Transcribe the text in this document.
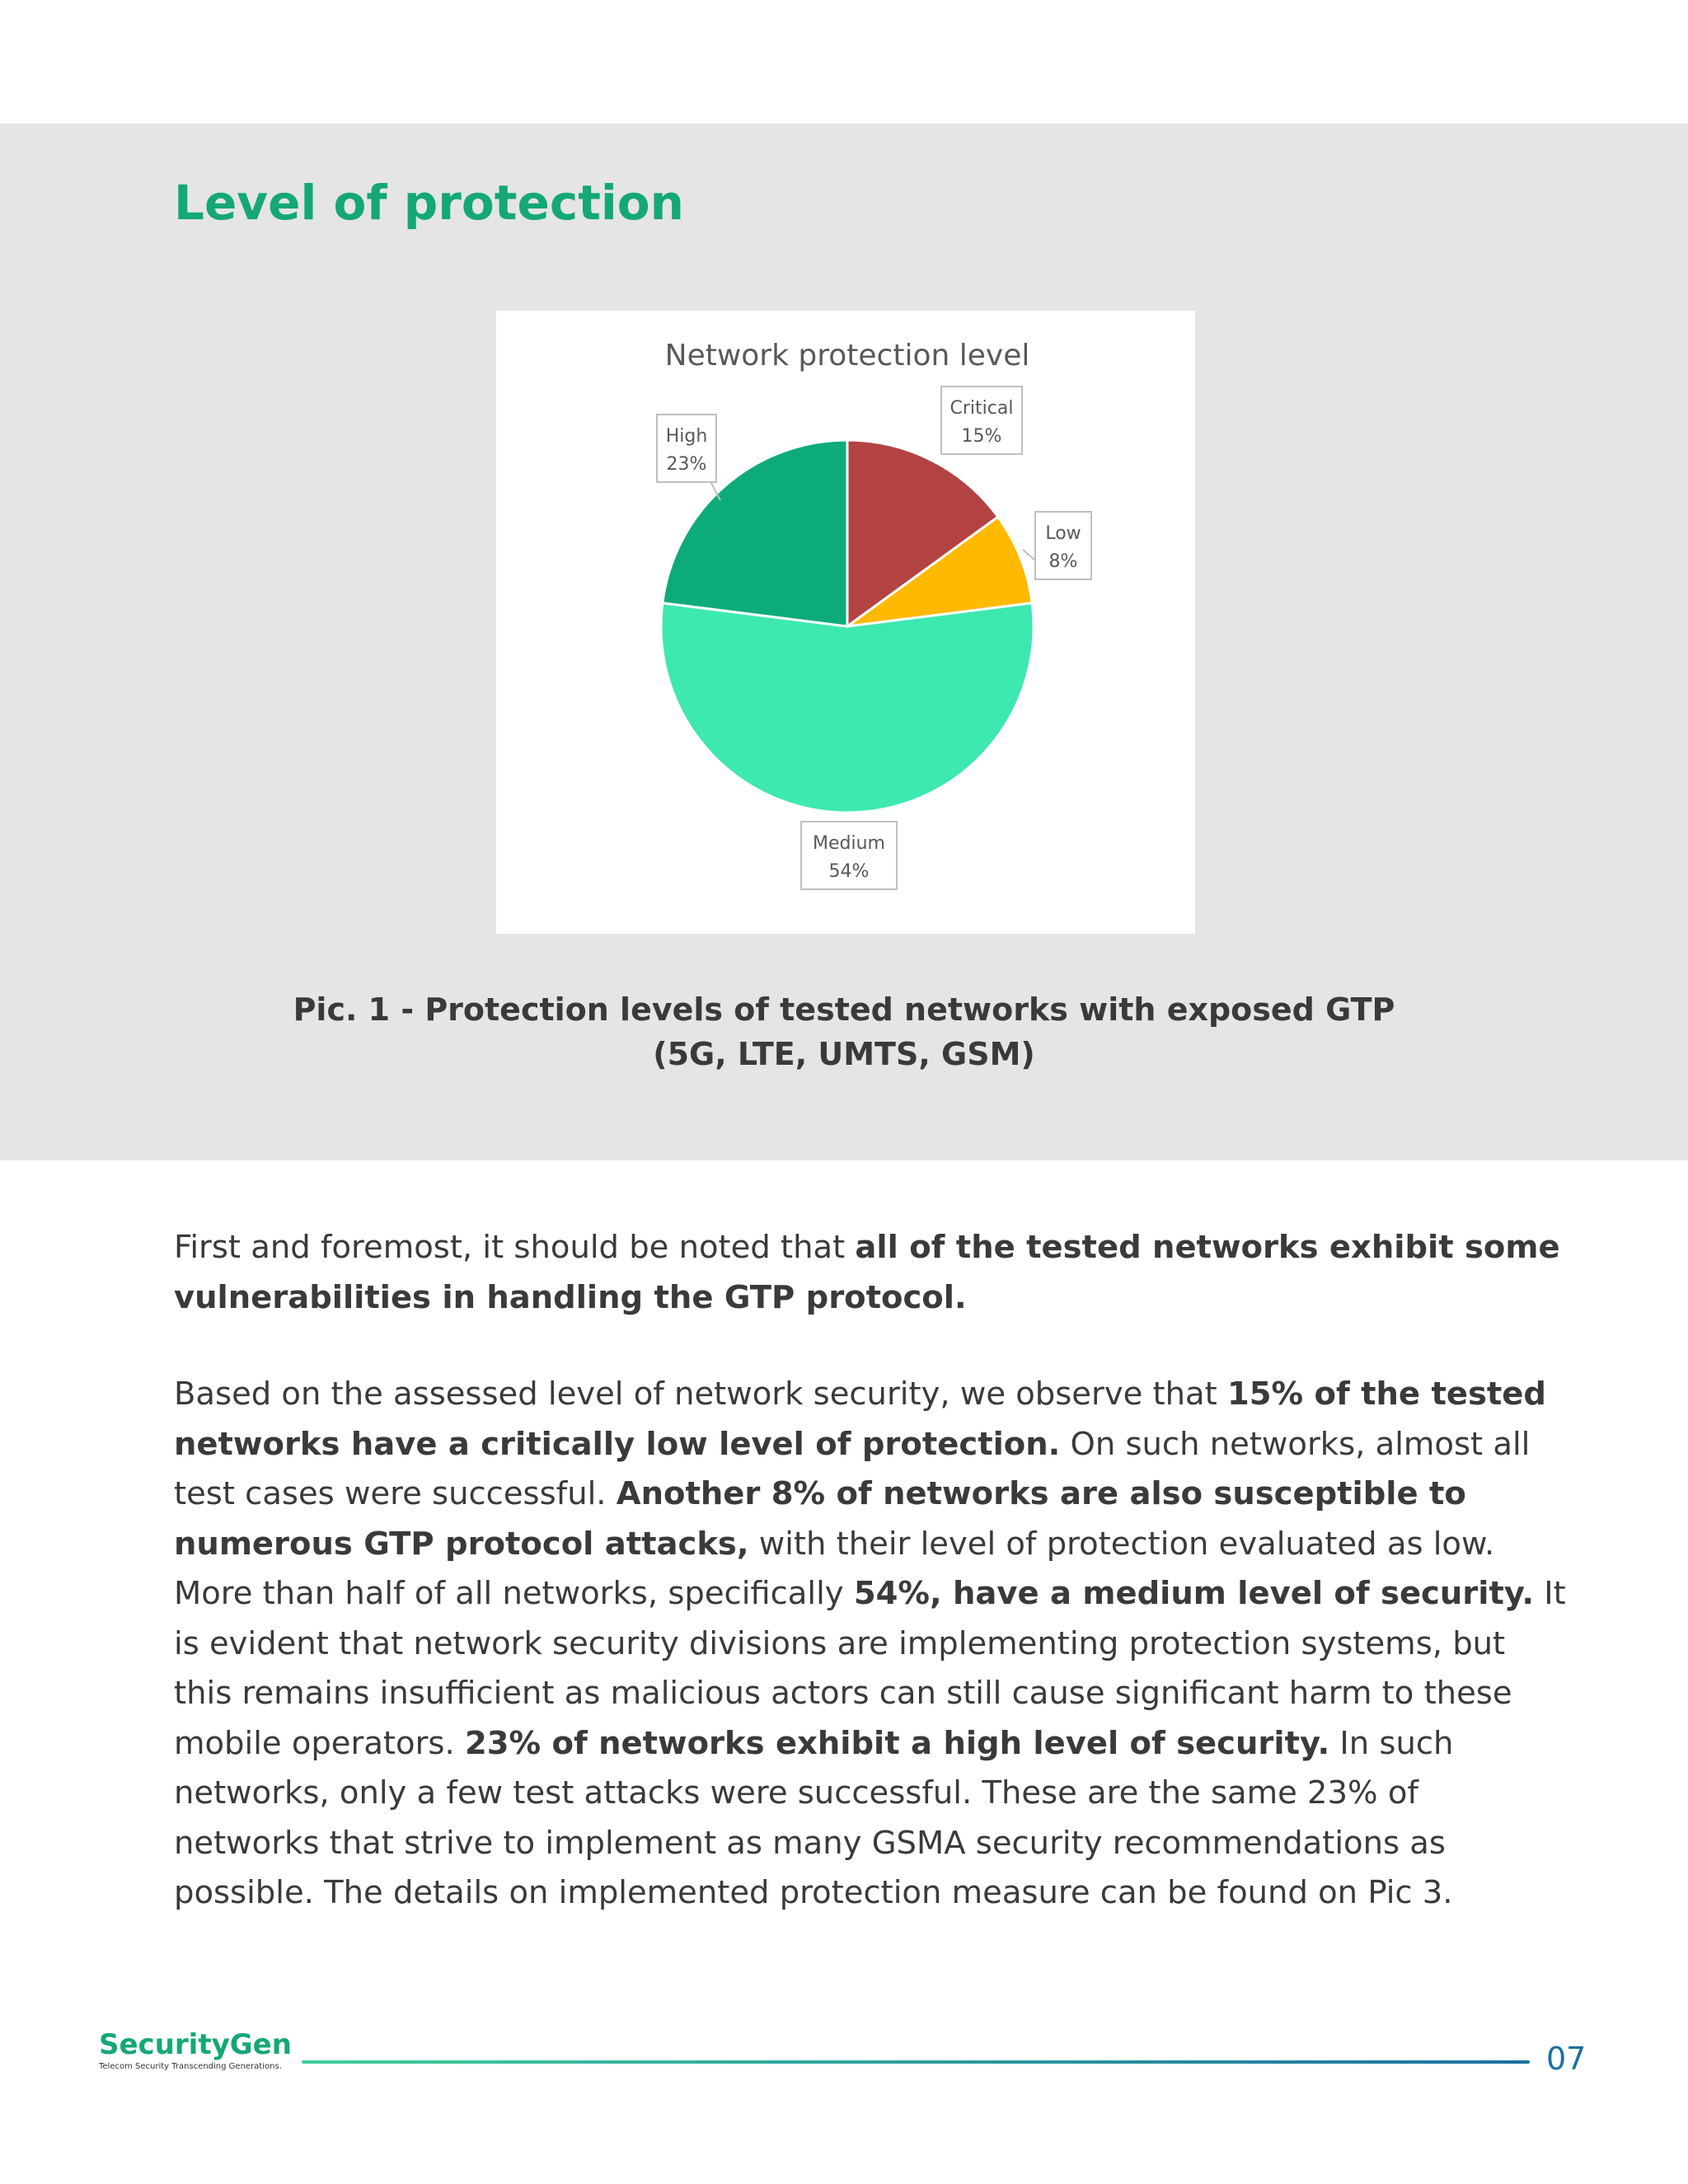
Level of protection
Network protection level
Critical
15%
Low
8%
Medium
54%
High
23%
Pic. 1 - Protection levels of tested networks with exposed GTP
(5G, LTE, UMTS, GSM)

First and foremost, it should be noted that all of the tested networks exhibit some vulnerabilities in handling the GTP protocol.

Based on the assessed level of network security, we observe that 15% of the tested networks have a critically low level of protection. On such networks, almost all test cases were successful. Another 8% of networks are also susceptible to numerous GTP protocol attacks, with their level of protection evaluated as low. More than half of all networks, specifically 54%, have a medium level of security. It is evident that network security divisions are implementing protection systems, but this remains insufficient as malicious actors can still cause significant harm to these mobile operators. 23% of networks exhibit a high level of security. In such networks, only a few test attacks were successful. These are the same 23% of networks that strive to implement as many GSMA security recommendations as possible. The details on implemented protection measure can be found on Pic 3.

SecurityGen
Telecom Security Transcending Generations.	07
